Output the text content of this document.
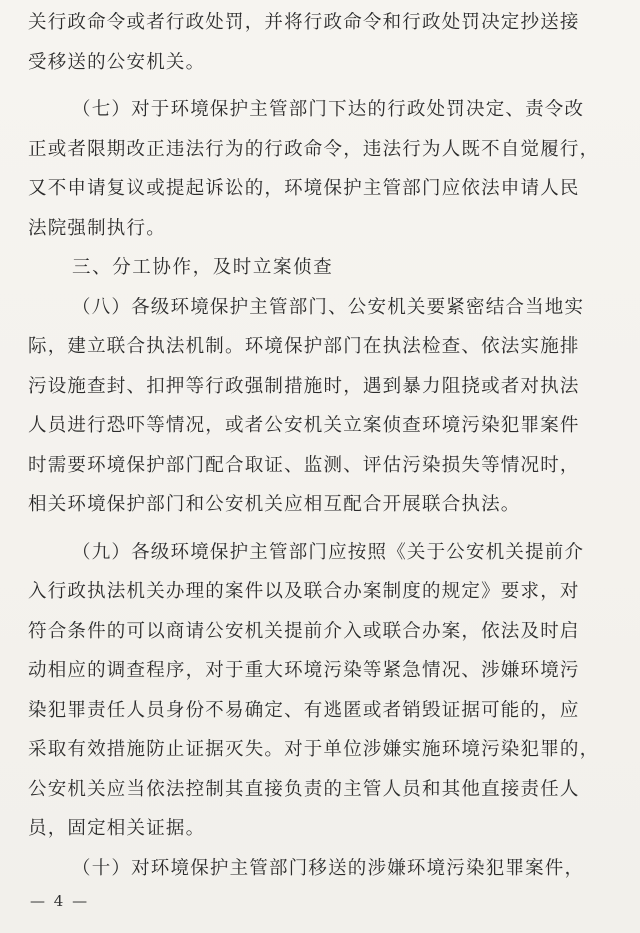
关行政命令或者行政处罚，并将行政命令和行政处罚决定抄送接
受移送的公安机关。
（七）对于环境保护主管部门下达的行政处罚决定、责令改
正或者限期改正违法行为的行政命令，违法行为人既不自觉履行，
又不申请复议或提起诉讼的，环境保护主管部门应依法申请人民
法院强制执行。
三、分工协作，及时立案侦查
（八）各级环境保护主管部门、公安机关要紧密结合当地实
际，建立联合执法机制。环境保护部门在执法检查、依法实施排
污设施查封、扣押等行政强制措施时，遇到暴力阻挠或者对执法
人员进行恐吓等情况，或者公安机关立案侦查环境污染犯罪案件
时需要环境保护部门配合取证、监测、评估污染损失等情况时，
相关环境保护部门和公安机关应相互配合开展联合执法。
（九）各级环境保护主管部门应按照《关于公安机关提前介
入行政执法机关办理的案件以及联合办案制度的规定》要求，对
符合条件的可以商请公安机关提前介入或联合办案，依法及时启
动相应的调查程序，对于重大环境污染等紧急情况、涉嫌环境污
染犯罪责任人员身份不易确定、有逃匿或者销毁证据可能的，应
采取有效措施防止证据灭失。对于单位涉嫌实施环境污染犯罪的，
公安机关应当依法控制其直接负责的主管人员和其他直接责任人
员，固定相关证据。
（十）对环境保护主管部门移送的涉嫌环境污染犯罪案件，
— 4 —
